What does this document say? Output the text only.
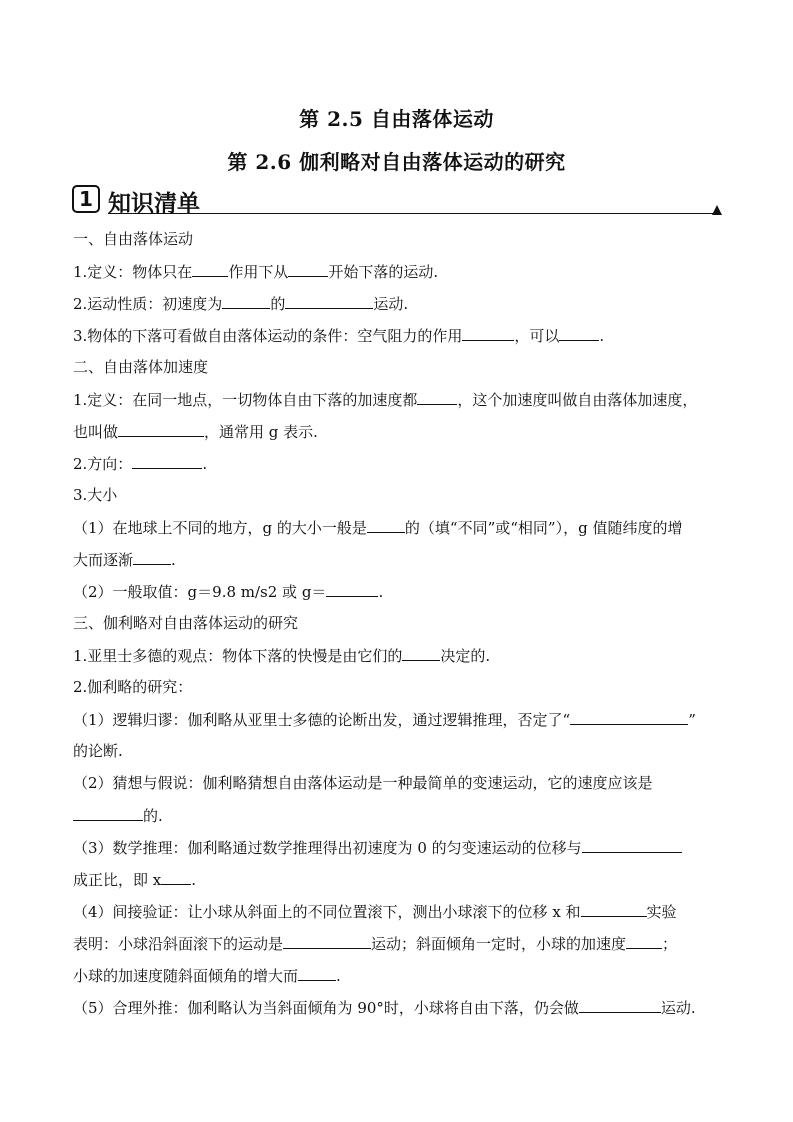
第 2.5 自由落体运动
第 2.6 伽利略对自由落体运动的研究
1 知识清单
一、自由落体运动
1.定义：物体只在 作用下从	开始下落的运动.
2.运动性质：初速度为	的	运动.
3.物体的下落可看做自由落体运动的条件：空气阻力的作用	，可以	.
二、自由落体加速度
1.定义：在同一地点，一切物体自由下落的加速度都	，这个加速度叫做自由落体加速度，
也叫做	，通常用 g 表示.
2.方向：	.
3.大小
（1）在地球上不同的地方，g 的大小一般是	的（填“不同”或“相同”），g 值随纬度的增
大而逐渐	.
（2）一般取值：g＝9.8 m/s2 或 g＝	.
三、伽利略对自由落体运动的研究
1.亚里士多德的观点：物体下落的快慢是由它们的	决定的.
2.伽利略的研究：
（1）逻辑归谬：伽利略从亚里士多德的论断出发，通过逻辑推理，否定了“	”
的论断.
（2）猜想与假说：伽利略猜想自由落体运动是一种最简单的变速运动，它的速度应该是
的.
（3）数学推理：伽利略通过数学推理得出初速度为 0 的匀变速运动的位移与
成正比，即 x .
（4）间接验证：让小球从斜面上的不同位置滚下，测出小球滚下的位移 x 和	实验
表明：小球沿斜面滚下的运动是	运动；斜面倾角一定时，小球的加速度 ；
小球的加速度随斜面倾角的增大而	.
（5）合理外推：伽利略认为当斜面倾角为 90°时，小球将自由下落，仍会做	运动.
